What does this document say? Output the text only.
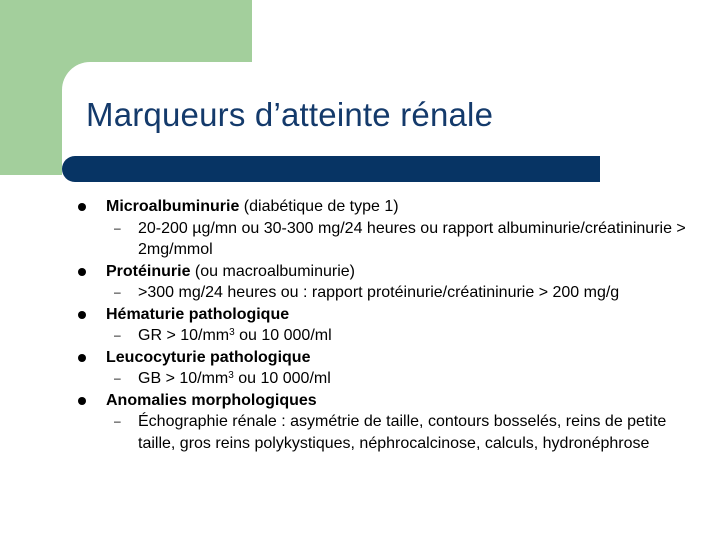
Marqueurs d’atteinte rénale
Microalbuminurie (diabétique de type 1)
– 20-200 µg/mn ou 30-300 mg/24 heures ou rapport albuminurie/créatininurie > 2mg/mmol
Protéinurie (ou macroalbuminurie)
– >300 mg/24 heures ou : rapport protéinurie/créatininurie > 200 mg/g
Hématurie pathologique
– GR > $10/mm^3$ ou 10 000/ml
Leucocyturie pathologique
– GB > $10/mm^3$ ou 10 000/ml
Anomalies morphologiques
– Échographie rénale : asymétrie de taille, contours bosselés, reins de petite taille, gros reins polykystiques, néphrocalcinose, calculs, hydronéphrose
